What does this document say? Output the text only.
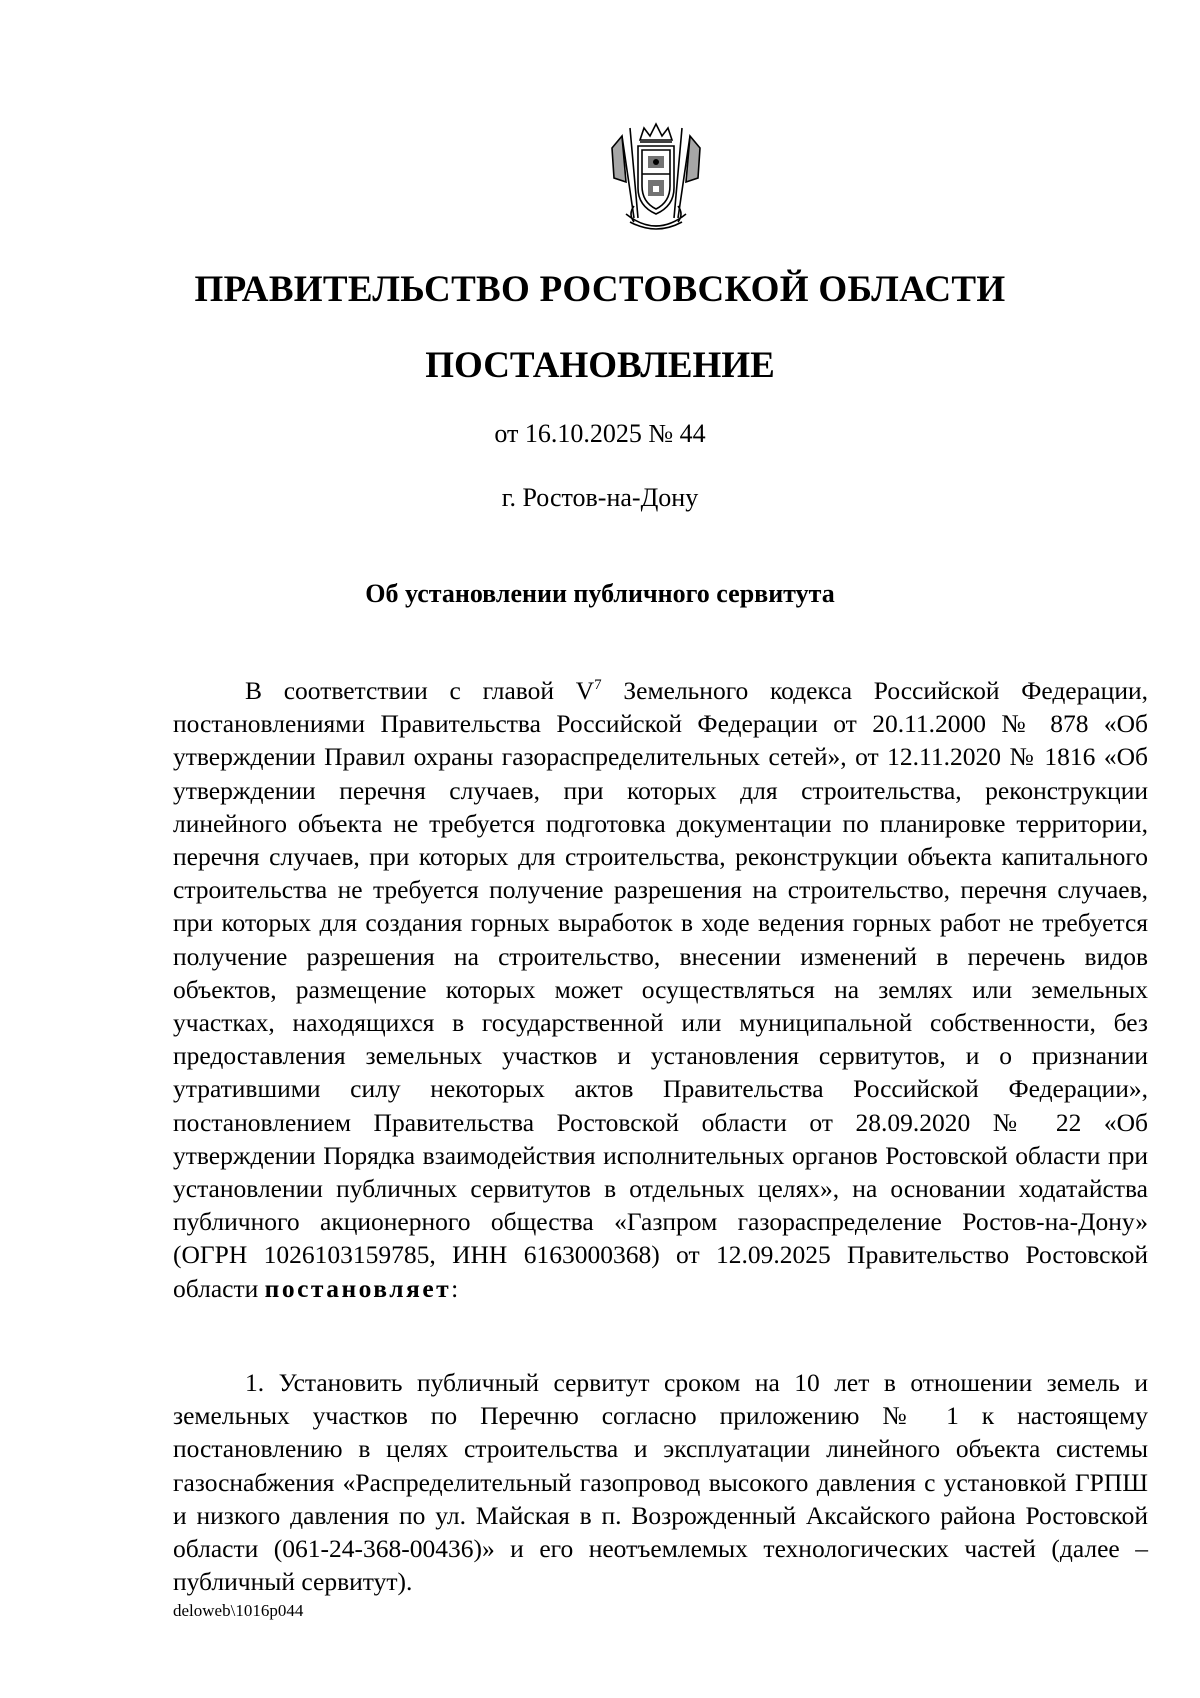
ПРАВИТЕЛЬСТВО РОСТОВСКОЙ ОБЛАСТИ
ПОСТАНОВЛЕНИЕ
от 16.10.2025 № 44
г. Ростов-на-Дону
Об установлении публичного сервитута

В соответствии с главой $V^7$ Земельного кодекса Российской Федерации, постановлениями Правительства Российской Федерации от 20.11.2000 № 878 «Об утверждении Правил охраны газораспределительных сетей», от 12.11.2020 № 1816 «Об утверждении перечня случаев, при которых для строительства, реконструкции линейного объекта не требуется подготовка документации по планировке территории, перечня случаев, при которых для строительства, реконструкции объекта капитального строительства не требуется получение разрешения на строительство, перечня случаев, при которых для создания горных выработок в ходе ведения горных работ не требуется получение разрешения на строительство, внесении изменений в перечень видов объектов, размещение которых может осуществляться на землях или земельных участках, находящихся в государственной или муниципальной собственности, без предоставления земельных участков и установления сервитутов, и о признании утратившими силу некоторых актов Правительства Российской Федерации», постановлением Правительства Ростовской области от 28.09.2020 № 22 «Об утверждении Порядка взаимодействия исполнительных органов Ростовской области при установлении публичных сервитутов в отдельных целях», на основании ходатайства публичного акционерного общества «Газпром газораспределение Ростов-на-Дону» (ОГРН 1026103159785, ИНН 6163000368) от 12.09.2025 Правительство Ростовской области постановляет:

1. Установить публичный сервитут сроком на 10 лет в отношении земель и земельных участков по Перечню согласно приложению № 1 к настоящему постановлению в целях строительства и эксплуатации линейного объекта системы газоснабжения «Распределительный газопровод высокого давления с установкой ГРПШ и низкого давления по ул. Майская в п. Возрожденный Аксайского района Ростовской области (061-24-368-00436)» и его неотъемлемых технологических частей (далее – публичный сервитут).

deloweb\1016p044
